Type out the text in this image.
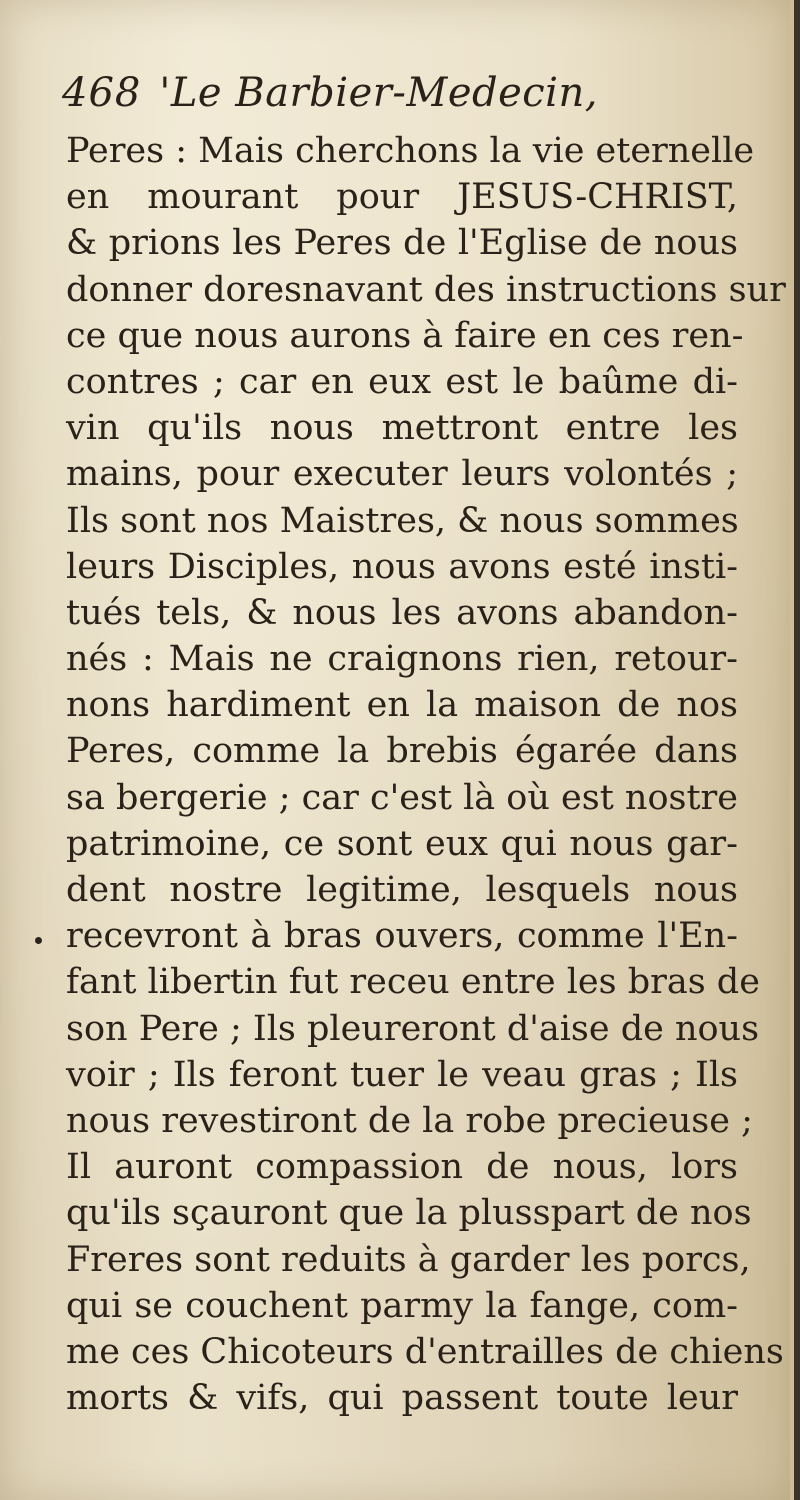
468 'Le Barbier-Medecin,
Peres : Mais cherchons la vie eternelle
en mourant pour JESUS-CHRIST,
& prions les Peres de l'Eglise de nous
donner doresnavant des instructions sur
ce que nous aurons à faire en ces ren-
contres ; car en eux est le baûme di-
vin qu'ils nous mettront entre les
mains, pour executer leurs volontés ;
Ils sont nos Maistres, & nous sommes
leurs Disciples, nous avons esté insti-
tués tels, & nous les avons abandon-
nés : Mais ne craignons rien, retour-
nons hardiment en la maison de nos
Peres, comme la brebis égarée dans
sa bergerie ; car c'est là où est nostre
patrimoine, ce sont eux qui nous gar-
dent nostre legitime, lesquels nous
recevront à bras ouvers, comme l'En-
fant libertin fut receu entre les bras de
son Pere ; Ils pleureront d'aise de nous
voir ; Ils feront tuer le veau gras ; Ils
nous revestiront de la robe precieuse ;
Il auront compassion de nous, lors
qu'ils sçauront que la plusspart de nos
Freres sont reduits à garder les porcs,
qui se couchent parmy la fange, com-
me ces Chicoteurs d'entrailles de chiens
morts & vifs, qui passent toute leur
